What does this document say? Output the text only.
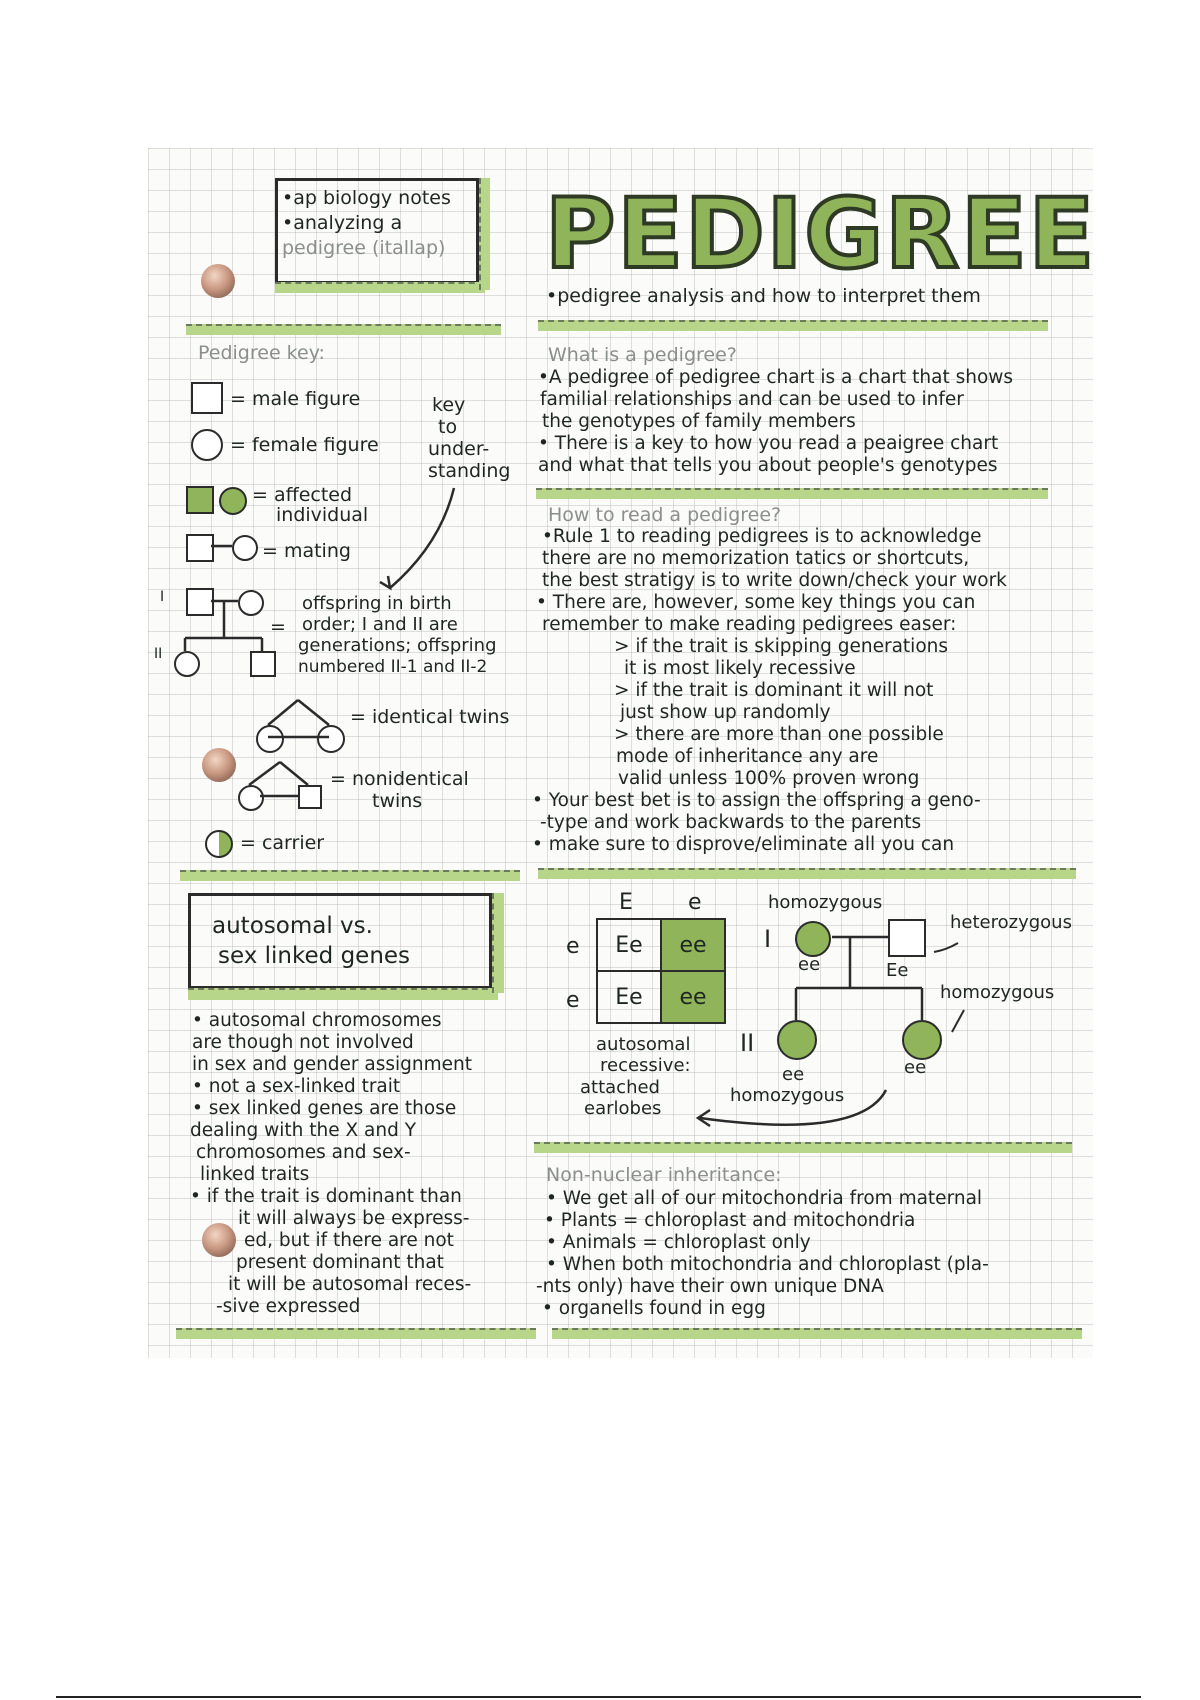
•ap biology notes
•analyzing a
pedigree (itallap) PEDIGREE
•pedigree analysis and how to interpret them
Pedigree key:
= male figure
= female figure
key
to
under-
standing
= affected
individual
= mating
I
II
=
offspring in birth
order; I and II are
generations; offspring
numbered II-1 and II-2
= identical twins
= nonidentical
twins
= carrier
What is a pedigree?
•A pedigree of pedigree chart is a chart that shows
familial relationships and can be used to infer
the genotypes of family members
• There is a key to how you read a peaigree chart
and what that tells you about people's genotypes
How to read a pedigree?
•Rule 1 to reading pedigrees is to acknowledge
there are no memorization tatics or shortcuts,
the best stratigy is to write down/check your work
• There are, however, some key things you can
remember to make reading pedigrees easer:
> if the trait is skipping generations
it is most likely recessive
> if the trait is dominant it will not
just show up randomly
> there are more than one possible
mode of inheritance any are
valid unless 100% proven wrong
• Your best bet is to assign the offspring a geno-
-type and work backwards to the parents
• make sure to disprove/eliminate all you can
autosomal vs.
sex linked genes
• autosomal chromosomes
are though not involved
in sex and gender assignment
• not a sex-linked trait
• sex linked genes are those
dealing with the X and Y
chromosomes and sex-
linked traits
• if the trait is dominant than
it will always be express-
ed, but if there are not
present dominant that
it will be autosomal reces-
-sive expressed
E	e
e
e
Ee	ee
Ee	ee
autosomal
recessive:
attached
earlobes
I
II
homozygous
heterozygous
homozygous
homozygous
ee	Ee
ee	ee
Non-nuclear inheritance:
• We get all of our mitochondria from maternal
• Plants = chloroplast and mitochondria
• Animals = chloroplast only
• When both mitochondria and chloroplast (pla-
-nts only) have their own unique DNA
• organells found in egg
